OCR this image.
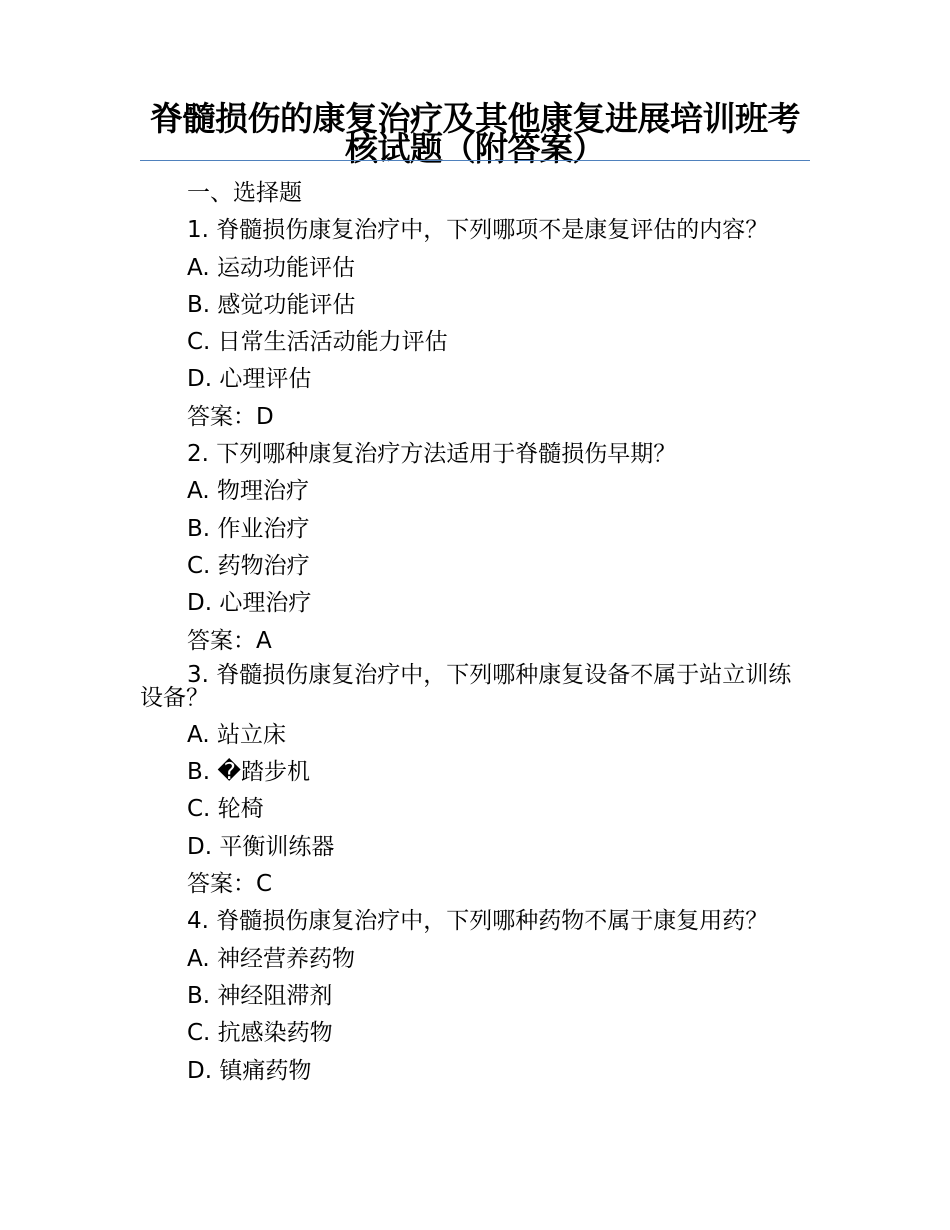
脊髓损伤的康复治疗及其他康复进展培训班考核试题（附答案）

一、选择题

1. 脊髓损伤康复治疗中，下列哪项不是康复评估的内容？

A. 运动功能评估

B. 感觉功能评估

C. 日常生活活动能力评估

D. 心理评估

答案：D

2. 下列哪种康复治疗方法适用于脊髓损伤早期？

A. 物理治疗

B. 作业治疗

C. 药物治疗

D. 心理治疗

答案：A

3. 脊髓损伤康复治疗中，下列哪种康复设备不属于站立训练设备？

A. 站立床

B. �踏步机

C. 轮椅

D. 平衡训练器

答案：C

4. 脊髓损伤康复治疗中，下列哪种药物不属于康复用药？

A. 神经营养药物

B. 神经阻滞剂

C. 抗感染药物

D. 镇痛药物
